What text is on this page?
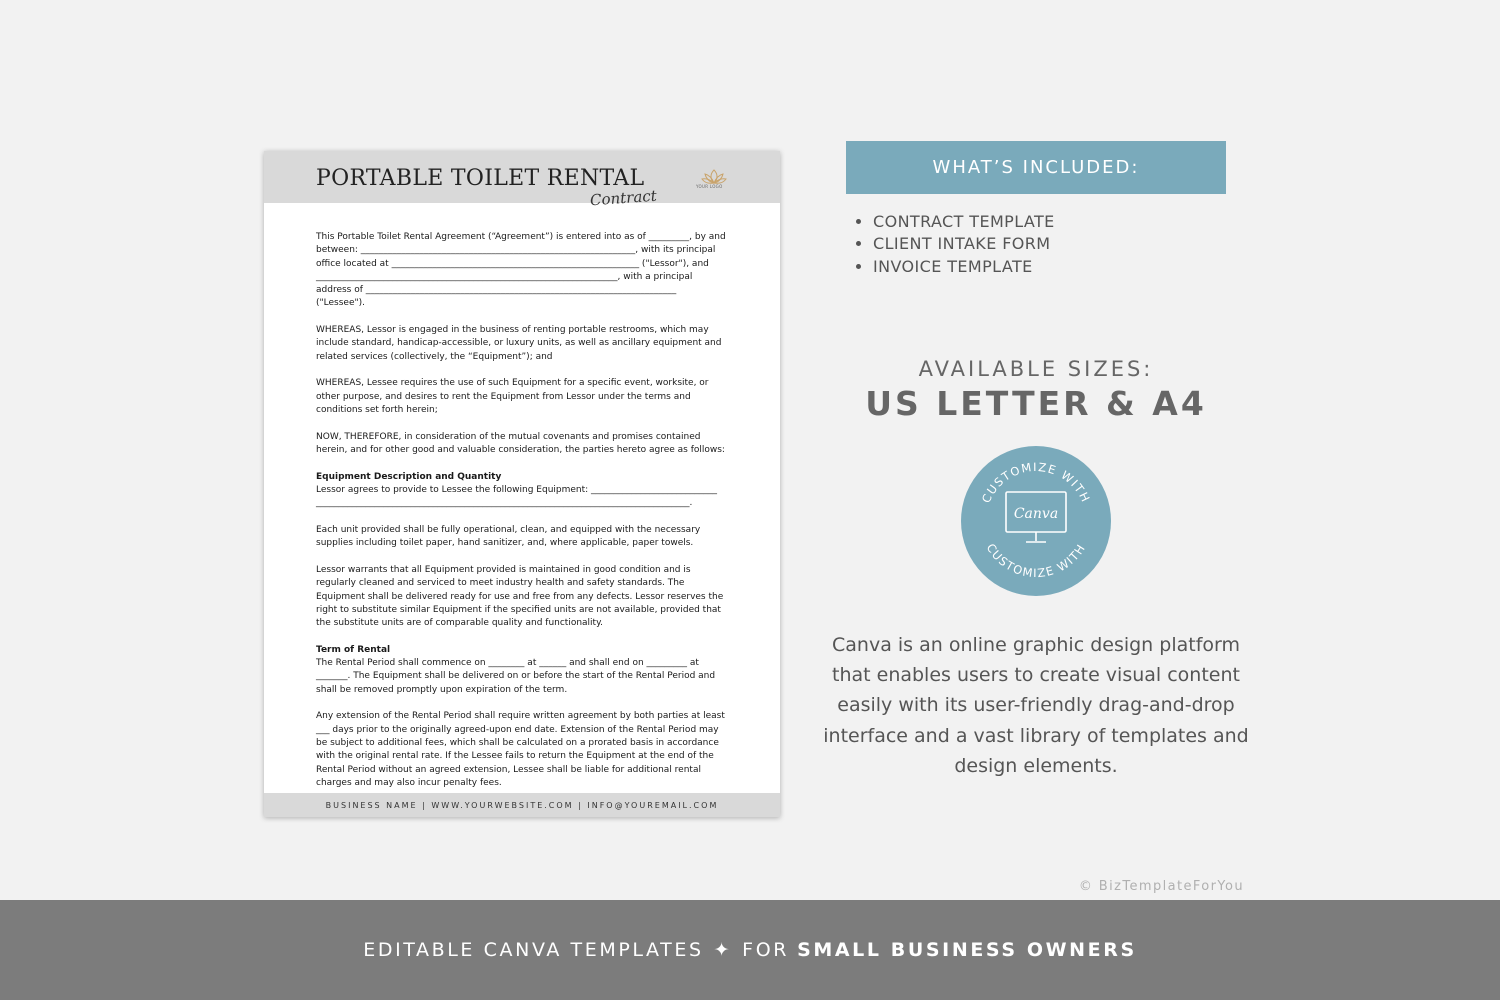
PORTABLE TOILET RENTAL
Contract
YOUR LOGO

This Portable Toilet Rental Agreement (“Agreement”) is entered into as of _________, by and between: _____________________________________________________________, with its principal office located at _______________________________________________________ ("Lessor"), and ___________________________________________________________________, with a principal address of _____________________________________________________________________ ("Lessee").

WHEREAS, Lessor is engaged in the business of renting portable restrooms, which may include standard, handicap-accessible, or luxury units, as well as ancillary equipment and related services (collectively, the “Equipment”); and

WHEREAS, Lessee requires the use of such Equipment for a specific event, worksite, or other purpose, and desires to rent the Equipment from Lessor under the terms and conditions set forth herein;

NOW, THEREFORE, in consideration of the mutual covenants and promises contained herein, and for other good and valuable consideration, the parties hereto agree as follows:

Equipment Description and Quantity

Lessor agrees to provide to Lessee the following Equipment: ____________________________ ___________________________________________________________________________________.

Each unit provided shall be fully operational, clean, and equipped with the necessary supplies including toilet paper, hand sanitizer, and, where applicable, paper towels.

Lessor warrants that all Equipment provided is maintained in good condition and is regularly cleaned and serviced to meet industry health and safety standards. The Equipment shall be delivered ready for use and free from any defects. Lessor reserves the right to substitute similar Equipment if the specified units are not available, provided that the substitute units are of comparable quality and functionality.

Term of Rental

The Rental Period shall commence on ________ at ______ and shall end on _________ at _______. The Equipment shall be delivered on or before the start of the Rental Period and shall be removed promptly upon expiration of the term.

Any extension of the Rental Period shall require written agreement by both parties at least ___ days prior to the originally agreed-upon end date. Extension of the Rental Period may be subject to additional fees, which shall be calculated on a prorated basis in accordance with the original rental rate. If the Lessee fails to return the Equipment at the end of the Rental Period without an agreed extension, Lessee shall be liable for additional rental charges and may also incur penalty fees.

BUSINESS NAME | WWW.YOURWEBSITE.COM | INFO@YOUREMAIL.COM
WHAT’S INCLUDED:
CONTRACT TEMPLATE
CLIENT INTAKE FORM
INVOICE TEMPLATE
AVAILABLE SIZES:
US LETTER & A4
CUSTOMIZE WITH
CUSTOMIZE WITH
Canva
Canva is an online graphic design platform that enables users to create visual content easily with its user-friendly drag-and-drop interface and a vast library of templates and design elements.
© BizTemplateForYou
EDITABLE CANVA TEMPLATES ✦ FOR SMALL BUSINESS OWNERS
